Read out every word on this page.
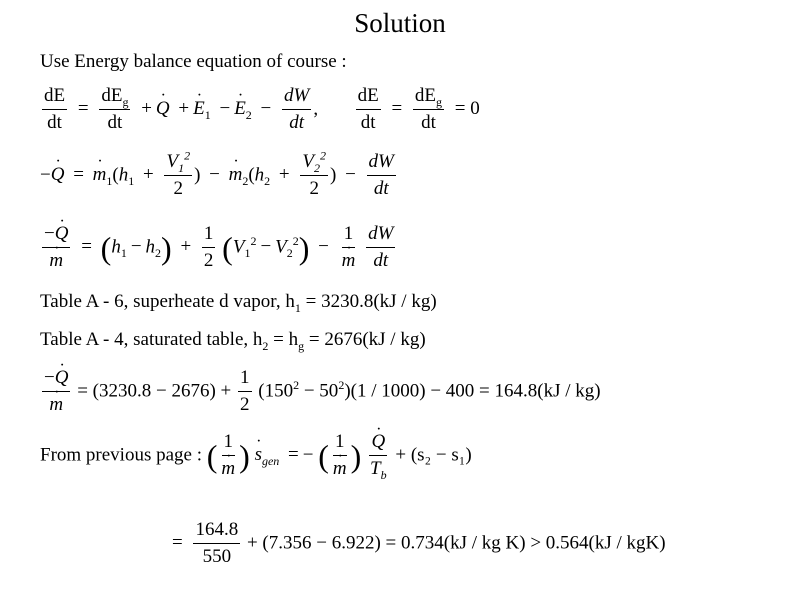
Solution
Use Energy balance equation of course :
$\frac{dE}{dt} = \frac{dE_g}{dt} + Q$ · + $E \cdot_1 - E \cdot_2 - \frac{dW}{dt}$ , $\frac{dE}{dt} = \frac{dE_g}{dt} = 0$
−Q · = $m \cdot_1(h_1 + \frac{V_1^2}{2}$ ) − $m \cdot_2(h_2 + \frac{V_2^2}{2}$ ) − $\frac{dW}{dt}$
$\frac{-Q \cdot}{m}$ · = $(h_1 - h_2) + \frac{1}{2} (V_1^2 - V_2^2) - \frac{1}{m}$ ·
$\frac{dW}{dt}$
Table A - 6, superheate d vapor, $h_1 = 3230.8(kJ / kg)$
Table A - 4, saturated table, $h_2 = h_g = 2676(kJ / kg)$
$\frac{-Q \cdot}{m}$ · = $(3230.8 - 2676) + \frac{1}{2} (150^2 - 50^2)(1 / 1000) - 400 = 164.8(kJ / kg)$
From previous page : ( $\frac{1}{m}$ · ) $s \cdot_{gen}$ = − ( $\frac{1}{m}$ · ) $\frac{Q \cdot}{T_b} + (s_2 - s_1)$
= $\frac{164.8}{550} + (7.356 - 6.922) = 0.734(kJ$ / kg K) > 0.564(kJ / kgK)
